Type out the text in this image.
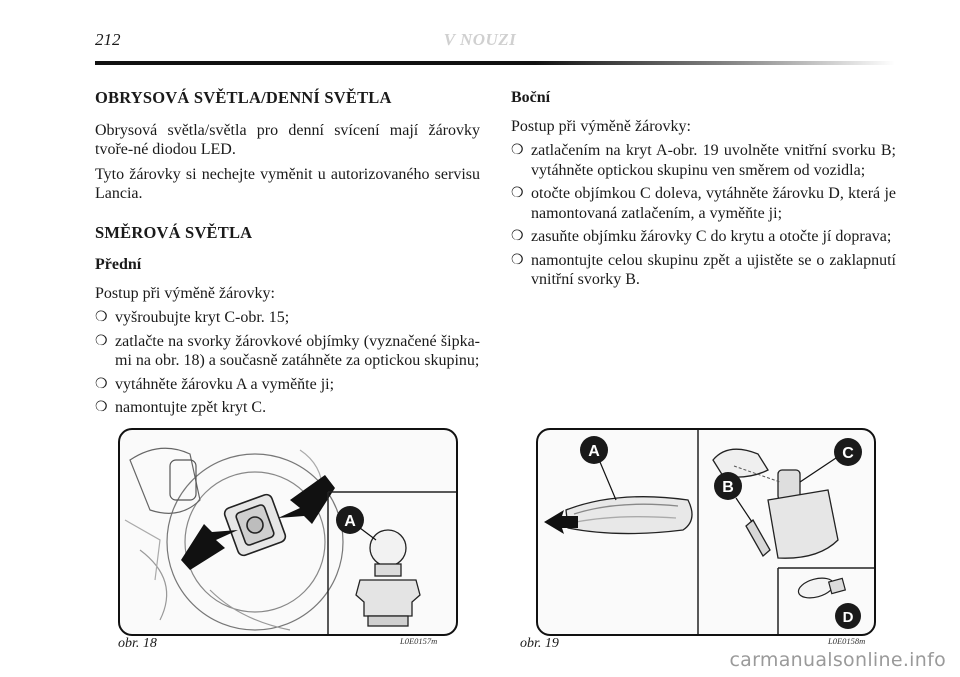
212	V NOUZI
OBRYSOVÁ SVĚTLA/DENNÍ SVĚTLA
Obrysová světla/světla pro denní svícení mají žárovky tvoře-né diodou LED.
Tyto žárovky si nechejte vyměnit u autorizovaného servisu Lancia.
SMĚROVÁ SVĚTLA
Přední
Postup při výměně žárovky:
❍ vyšroubujte kryt C-obr. 15;
❍ zatlačte na svorky žárovkové objímky (vyznačené šipka-mi na obr. 18) a současně zatáhněte za optickou skupinu;
❍ vytáhněte žárovku A a vyměňte ji;
❍ namontujte zpět kryt C.
Boční
Postup při výměně žárovky:
❍ zatlačením na kryt A-obr. 19 uvolněte vnitřní svorku B; vytáhněte optickou skupinu ven směrem od vozidla;
❍ otočte objímkou C doleva, vytáhněte žárovku D, která je namontovaná zatlačením, a vyměňte ji;
❍ zasuňte objímku žárovky C do krytu a otočte jí doprava;
❍ namontujte celou skupinu zpět a ujistěte se o zaklapnutí vnitřní svorky B.
A
obr. 18	L0E0157m
A	C
B
D
obr. 19	L0E0158m
carmanualsonline.info
